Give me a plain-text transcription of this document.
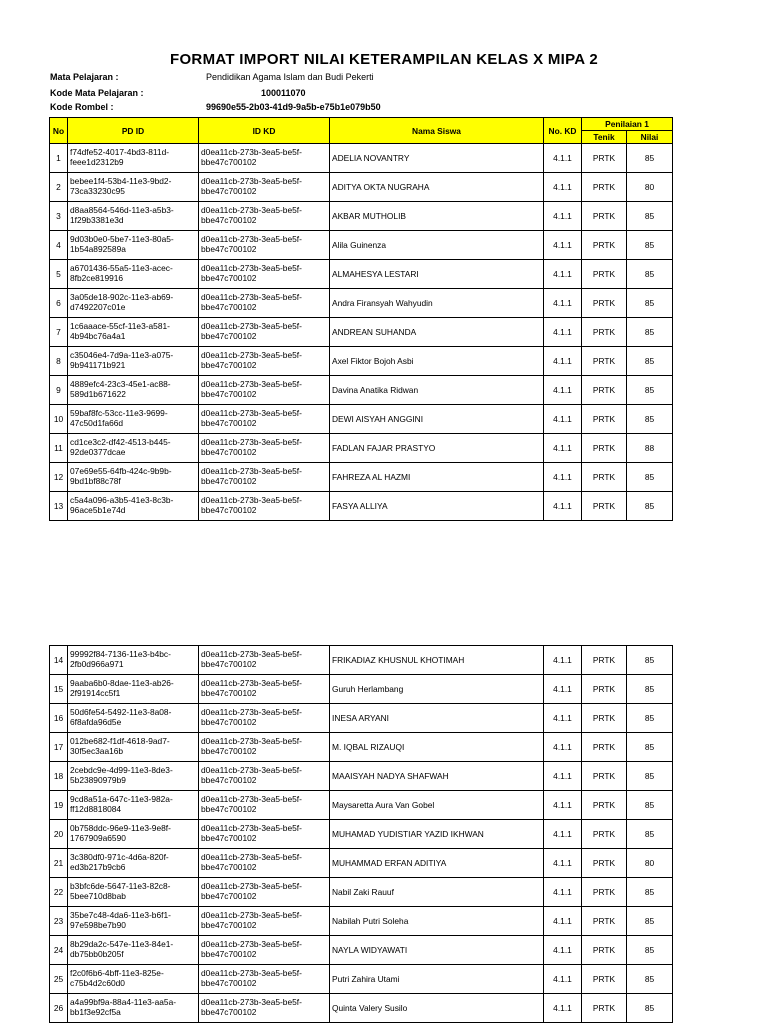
FORMAT IMPORT NILAI KETERAMPILAN KELAS X MIPA 2
Mata Pelajaran :	Pendidikan Agama Islam dan Budi Pekerti
Kode Mata Pelajaran :	100011070
Kode Rombel :	99690e55-2b03-41d9-9a5b-e75b1e079b50
No	PD ID	ID KD	Nama Siswa	No. KD	Penilaian 1	
					Tenik	Nilai
1	f74dfe52-4017-4bd3-811d-
feee1d2312b9	d0ea11cb-273b-3ea5-be5f-
bbe47c700102	ADELIA NOVANTRY	4.1.1	PRTK	85
2	bebee1f4-53b4-11e3-9bd2-
73ca33230c95	d0ea11cb-273b-3ea5-be5f-
bbe47c700102	ADITYA OKTA NUGRAHA	4.1.1	PRTK	80
3	d8aa8564-546d-11e3-a5b3-
1f29b3381e3d	d0ea11cb-273b-3ea5-be5f-
bbe47c700102	AKBAR MUTHOLIB	4.1.1	PRTK	85
4	9d03b0e0-5be7-11e3-80a5-
1b54a892589a	d0ea11cb-273b-3ea5-be5f-
bbe47c700102	Alila Guinenza	4.1.1	PRTK	85
5	a6701436-55a5-11e3-acec-
8fb2ce819916	d0ea11cb-273b-3ea5-be5f-
bbe47c700102	ALMAHESYA LESTARI	4.1.1	PRTK	85
6	3a05de18-902c-11e3-ab69-
d7492207c01e	d0ea11cb-273b-3ea5-be5f-
bbe47c700102	Andra Firansyah Wahyudin	4.1.1	PRTK	85
7	1c6aaace-55cf-11e3-a581-
4b94bc76a4a1	d0ea11cb-273b-3ea5-be5f-
bbe47c700102	ANDREAN SUHANDA	4.1.1	PRTK	85
8	c35046e4-7d9a-11e3-a075-
9b941171b921	d0ea11cb-273b-3ea5-be5f-
bbe47c700102	Axel Fiktor Bojoh Asbi	4.1.1	PRTK	85
9	4889efc4-23c3-45e1-ac88-
589d1b671622	d0ea11cb-273b-3ea5-be5f-
bbe47c700102	Davina Anatika Ridwan	4.1.1	PRTK	85
10	59baf8fc-53cc-11e3-9699-
47c50d1fa66d	d0ea11cb-273b-3ea5-be5f-
bbe47c700102	DEWI AISYAH ANGGINI	4.1.1	PRTK	85
11	cd1ce3c2-df42-4513-b445-
92de0377dcae	d0ea11cb-273b-3ea5-be5f-
bbe47c700102	FADLAN FAJAR PRASTYO	4.1.1	PRTK	88
12	07e69e55-64fb-424c-9b9b-
9bd1bf88c78f	d0ea11cb-273b-3ea5-be5f-
bbe47c700102	FAHREZA AL HAZMI	4.1.1	PRTK	85
13	c5a4a096-a3b5-41e3-8c3b-
96ace5b1e74d	d0ea11cb-273b-3ea5-be5f-
bbe47c700102	FASYA ALLIYA	4.1.1	PRTK	85
14	99992f84-7136-11e3-b4bc-
2fb0d966a971	d0ea11cb-273b-3ea5-be5f-
bbe47c700102	FRIKADIAZ KHUSNUL KHOTIMAH	4.1.1	PRTK	85
15	9aaba6b0-8dae-11e3-ab26-
2f91914cc5f1	d0ea11cb-273b-3ea5-be5f-
bbe47c700102	Guruh Herlambang	4.1.1	PRTK	85
16	50d6fe54-5492-11e3-8a08-
6f8afda96d5e	d0ea11cb-273b-3ea5-be5f-
bbe47c700102	INESA ARYANI	4.1.1	PRTK	85
17	012be682-f1df-4618-9ad7-
30f5ec3aa16b	d0ea11cb-273b-3ea5-be5f-
bbe47c700102	M. IQBAL RIZAUQI	4.1.1	PRTK	85
18	2cebdc9e-4d99-11e3-8de3-
5b23890979b9	d0ea11cb-273b-3ea5-be5f-
bbe47c700102	MAAISYAH NADYA SHAFWAH	4.1.1	PRTK	85
19	9cd8a51a-647c-11e3-982a-
ff12d8818084	d0ea11cb-273b-3ea5-be5f-
bbe47c700102	Maysaretta Aura Van Gobel	4.1.1	PRTK	85
20	0b758ddc-96e9-11e3-9e8f-
1767909a6590	d0ea11cb-273b-3ea5-be5f-
bbe47c700102	MUHAMAD YUDISTIAR YAZID IKHWAN	4.1.1	PRTK	85
21	3c380df0-971c-4d6a-820f-
ed3b217b9cb6	d0ea11cb-273b-3ea5-be5f-
bbe47c700102	MUHAMMAD ERFAN ADITIYA	4.1.1	PRTK	80
22	b3bfc6de-5647-11e3-82c8-
5bee710d8bab	d0ea11cb-273b-3ea5-be5f-
bbe47c700102	Nabil Zaki Rauuf	4.1.1	PRTK	85
23	35be7c48-4da6-11e3-b6f1-
97e598be7b90	d0ea11cb-273b-3ea5-be5f-
bbe47c700102	Nabilah Putri Soleha	4.1.1	PRTK	85
24	8b29da2c-547e-11e3-84e1-
db75bb0b205f	d0ea11cb-273b-3ea5-be5f-
bbe47c700102	NAYLA WIDYAWATI	4.1.1	PRTK	85
25	f2c0f6b6-4bff-11e3-825e-
c75b4d2c60d0	d0ea11cb-273b-3ea5-be5f-
bbe47c700102	Putri Zahira Utami	4.1.1	PRTK	85
26	a4a99bf9a-88a4-11e3-aa5a-
bb1f3e92cf5a	d0ea11cb-273b-3ea5-be5f-
bbe47c700102	Quinta Valery Susilo	4.1.1	PRTK	85
